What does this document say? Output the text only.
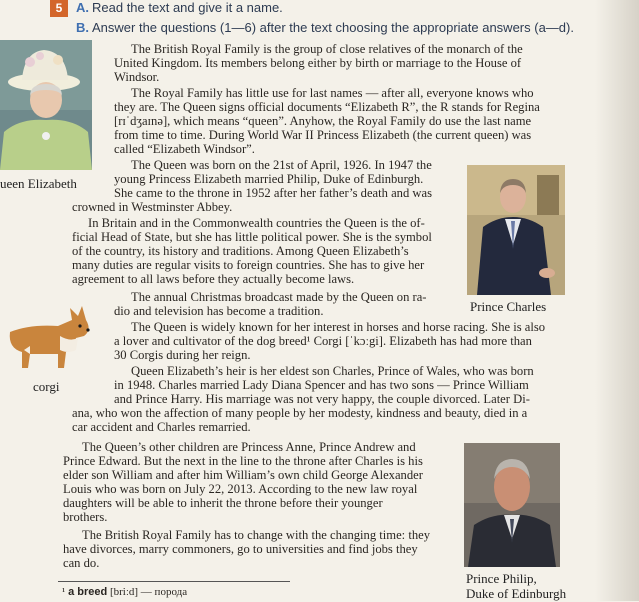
5	A. Read the text and give it a name.
B. Answer the questions (1—6) after the text choosing the appropriate answers (a—d).
ueen Elizabeth
Prince Charles
corgi
Prince Philip,
Duke of Edinburgh
The British Royal Family is the group of close relatives of the monarch of the
United Kingdom. Its members belong either by birth or marriage to the House of
Windsor.
The Royal Family has little use for last names — after all, everyone knows who
they are. The Queen signs official documents “Elizabeth R”, the R stands for Regina
[rɪˈdʒaɪnə], which means “queen”. Anyhow, the Royal Family do use the last name
from time to time. During World War II Princess Elizabeth (the current queen) was
called “Elizabeth Windsor”.
The Queen was born on the 21st of April, 1926. In 1947 the
young Princess Elizabeth married Philip, Duke of Edinburgh.
She came to the throne in 1952 after her father’s death and was
crowned in Westminster Abbey.
In Britain and in the Commonwealth countries the Queen is the of-
ficial Head of State, but she has little political power. She is the symbol
of the country, its history and traditions. Among Queen Elizabeth’s
many duties are regular visits to foreign countries. She has to give her
agreement to all laws before they actually become laws.
The annual Christmas broadcast made by the Queen on ra-
dio and television has become a tradition.
The Queen is widely known for her interest in horses and horse racing. She is also
a lover and cultivator of the dog breed¹ Corgi [ˈkɔːgi]. Elizabeth has had more than
30 Corgis during her reign.
Queen Elizabeth’s heir is her eldest son Charles, Prince of Wales, who was born
in 1948. Charles married Lady Diana Spencer and has two sons — Prince William
and Prince Harry. His marriage was not very happy, the couple divorced. Later Di-
ana, who won the affection of many people by her modesty, kindness and beauty, died in a
car accident and Charles remarried.
The Queen’s other children are Princess Anne, Prince Andrew and
Prince Edward. But the next in the line to the throne after Charles is his
elder son William and after him William’s own child George Alexander
Louis who was born on July 22, 2013. According to the new law royal
daughters will be able to inherit the throne before their younger
brothers.
The British Royal Family has to change with the changing time: they
have divorces, marry commoners, go to universities and find jobs they
can do.
¹ a breed [briːd] — порода
